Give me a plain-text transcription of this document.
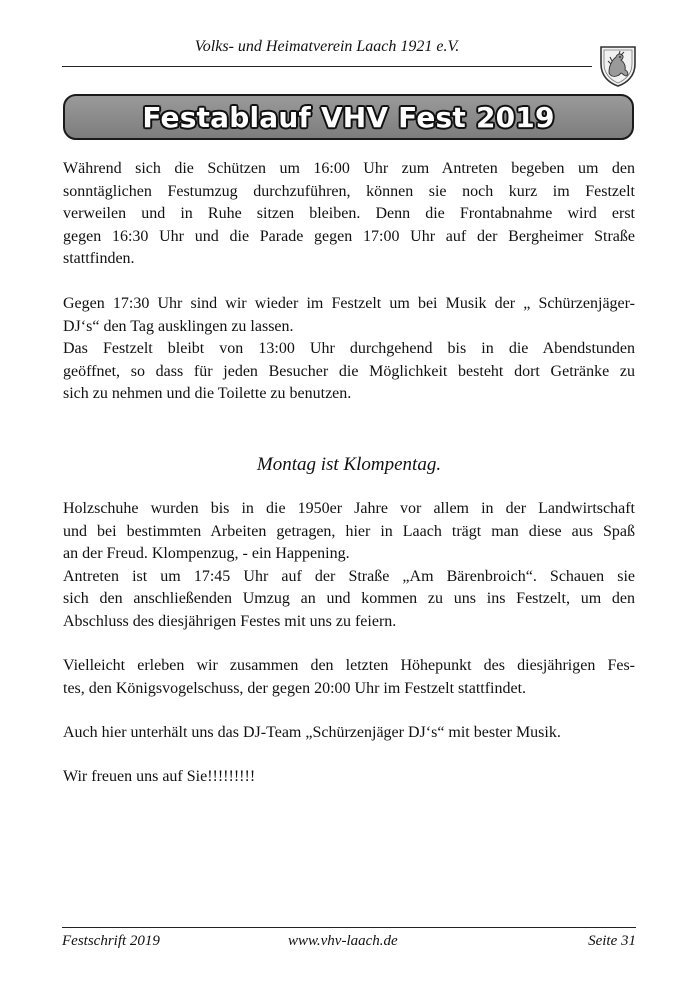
Volks- und Heimatverein Laach 1921 e.V.
Festablauf VHV Fest 2019
Während sich die Schützen um 16:00 Uhr zum Antreten begeben um den
sonntäglichen Festumzug durchzuführen, können sie noch kurz im Festzelt
verweilen und in Ruhe sitzen bleiben. Denn die Frontabnahme wird erst
gegen 16:30 Uhr und die Parade gegen 17:00 Uhr auf der Bergheimer Straße
stattfinden.
Gegen 17:30 Uhr sind wir wieder im Festzelt um bei Musik der „ Schürzenjäger-
DJ‘s“ den Tag ausklingen zu lassen.
Das Festzelt bleibt von 13:00 Uhr durchgehend bis in die Abendstunden
geöffnet, so dass für jeden Besucher die Möglichkeit besteht dort Getränke zu
sich zu nehmen und die Toilette zu benutzen.
Montag ist Klompentag.
Holzschuhe wurden bis in die 1950er Jahre vor allem in der Landwirtschaft
und bei bestimmten Arbeiten getragen, hier in Laach trägt man diese aus Spaß
an der Freud. Klompenzug, - ein Happening.
Antreten ist um 17:45 Uhr auf der Straße „Am Bärenbroich“. Schauen sie
sich den anschließenden Umzug an und kommen zu uns ins Festzelt, um den
Abschluss des diesjährigen Festes mit uns zu feiern.
Vielleicht erleben wir zusammen den letzten Höhepunkt des diesjährigen Fes-
tes, den Königsvogelschuss, der gegen 20:00 Uhr im Festzelt stattfindet.
Auch hier unterhält uns das DJ-Team „Schürzenjäger DJ‘s“ mit bester Musik.
Wir freuen uns auf Sie!!!!!!!!!
Festschrift 2019	www.vhv-laach.de	Seite 31
